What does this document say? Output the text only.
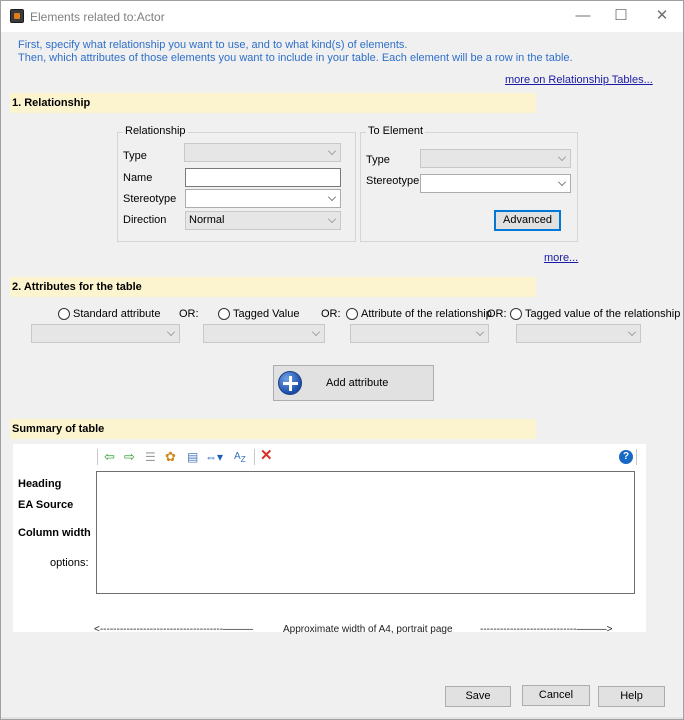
Elements related to:Actor	—	☐	✕
First, specify what relationship you want to use, and to what kind(s) of elements.
Then, which attributes of those elements you want to include in your table. Each element will be a row in the table.
more on Relationship Tables...
1. Relationship
Relationship
Type
Name
Stereotype
Direction Normal
To Element
Type
Stereotype
Advanced
more...
2. Attributes for the table
Standard attribute OR:	Tagged Value OR: Attribute of the relationship
OR: Tagged value of the relationship
Add attribute
Summary of table
⇦ ⇨ ☰ ✿ ▤ ⇔▾ $A_Z$ ✕	?
Heading
EA Source
Column width
options:
<-------------------------------------———	Approximate width of A4, portrait page	-----------------------------———>
Save	Cancel	Help
